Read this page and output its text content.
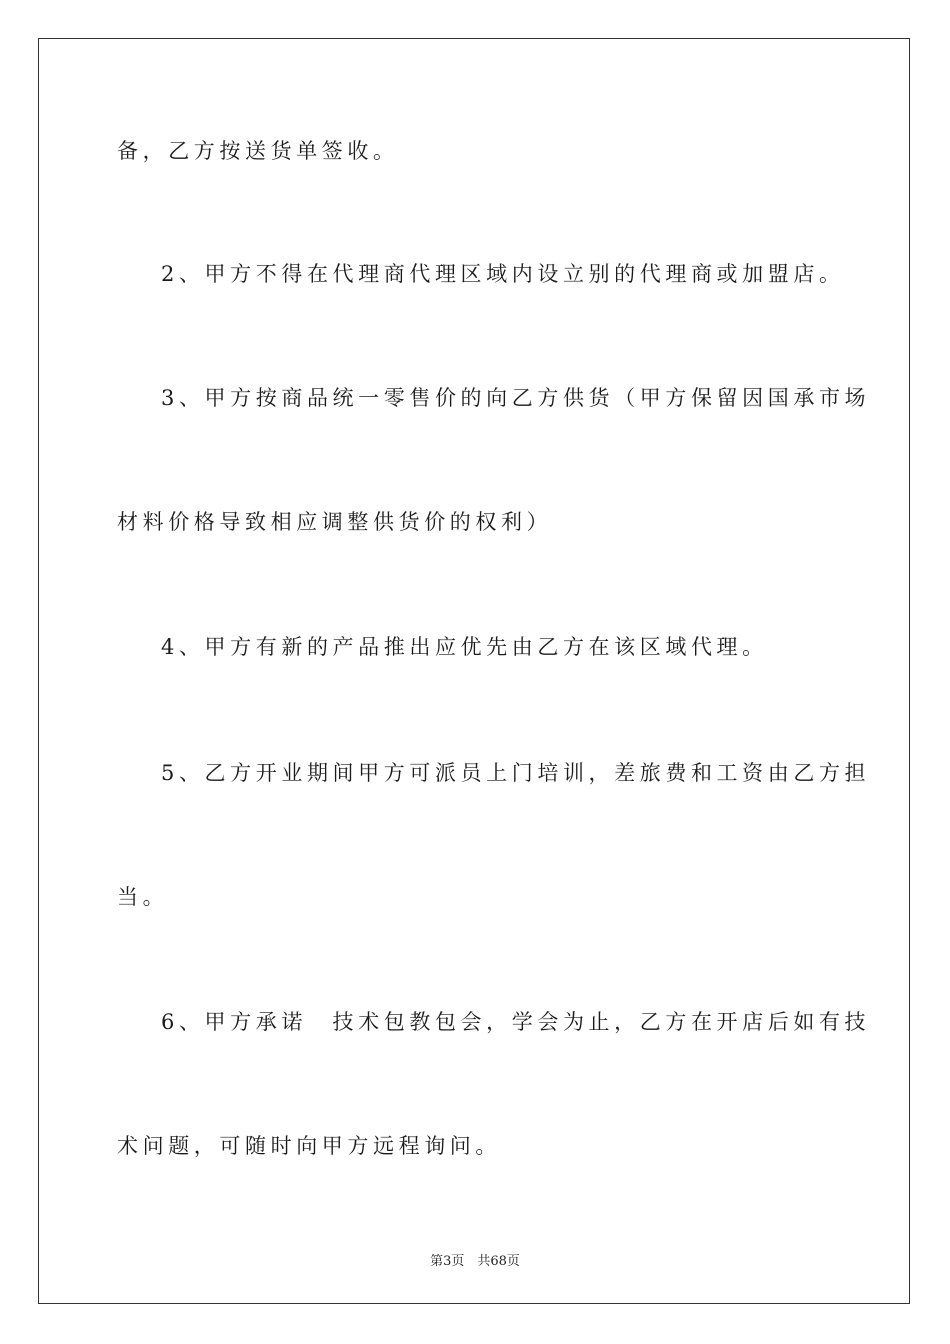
备，乙方按送货单签收。
2、甲方不得在代理商代理区域内设立别的代理商或加盟店。
3、甲方按商品统一零售价的向乙方供货（甲方保留因国承市场
材料价格导致相应调整供货价的权利）
4、甲方有新的产品推出应优先由乙方在该区域代理。
5、乙方开业期间甲方可派员上门培训，差旅费和工资由乙方担
当。
6、甲方承诺　技术包教包会，学会为止，乙方在开店后如有技
术问题，可随时向甲方远程询问。
第3页　共68页
